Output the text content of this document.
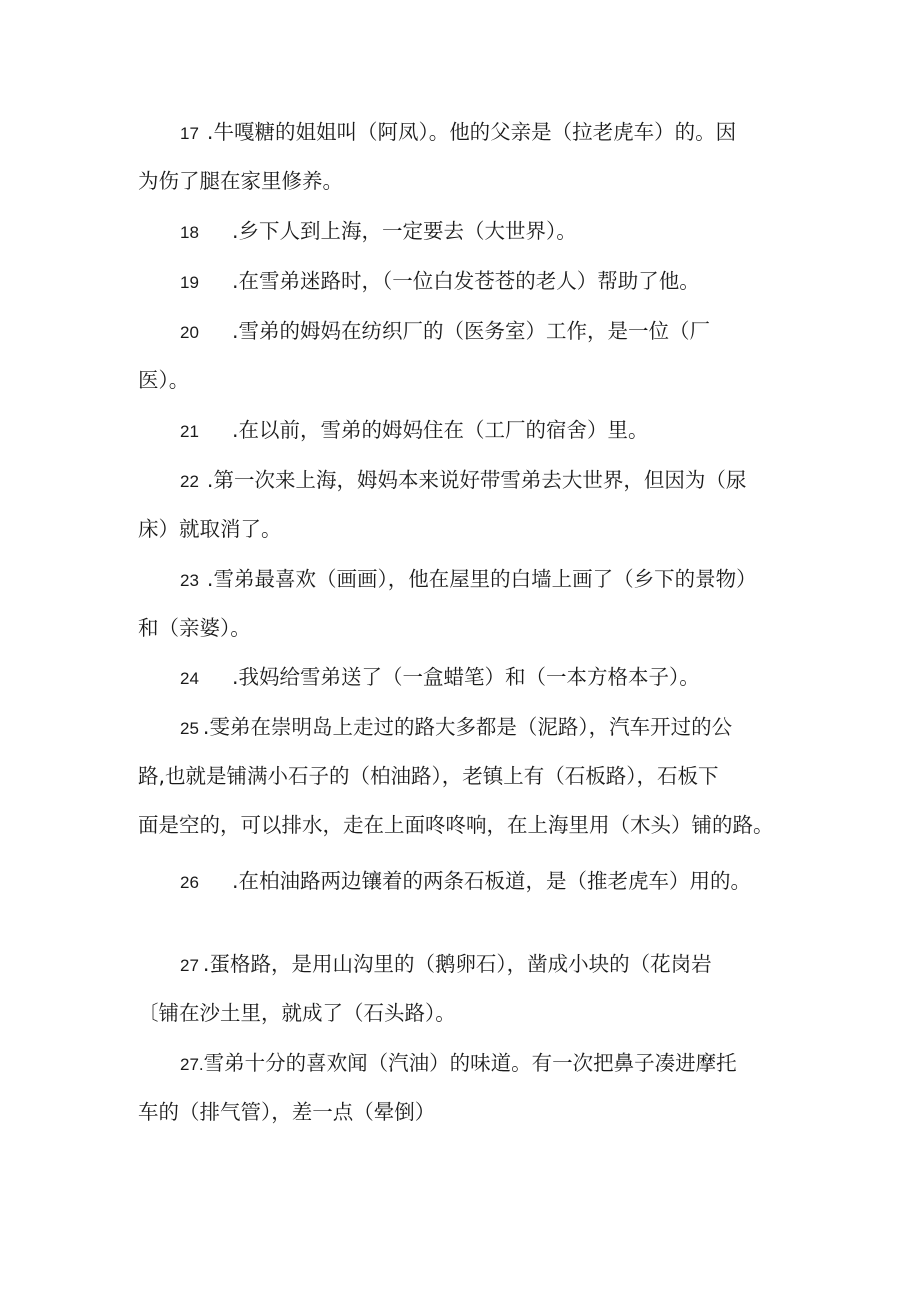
17 .牛嘎糖的姐姐叫（阿凤）。他的父亲是（拉老虎车）的。因
为伤了腿在家里修养。
18 .乡下人到上海，一定要去（大世界）。
19 .在雪弟迷路时，（一位白发苍苍的老人）帮助了他。
20 .雪弟的姆妈在纺织厂的（医务室）工作，是一位（厂
医）。
21 .在以前，雪弟的姆妈住在（工厂的宿舍）里。
22 .第一次来上海，姆妈本来说好带雪弟去大世界，但因为（尿
床）就取消了。
23 .雪弟最喜欢（画画），他在屋里的白墙上画了（乡下的景物）
和（亲婆）。
24 .我妈给雪弟送了（一盒蜡笔）和（一本方格本子）。
25 .雯弟在崇明岛上走过的路大多都是（泥路），汽车开过的公
路,也就是铺满小石子的（柏油路），老镇上有（石板路），石板下
面是空的，可以排水，走在上面咚咚响，在上海里用（木头）铺的路。
26 .在柏油路两边镶着的两条石板道，是（推老虎车）用的。
27 .蛋格路，是用山沟里的（鹅卵石），凿成小块的（花岗岩
〔铺在沙土里，就成了（石头路）。
27.雪弟十分的喜欢闻（汽油）的味道。有一次把鼻子凑进摩托
车的（排气管），差一点（晕倒）
